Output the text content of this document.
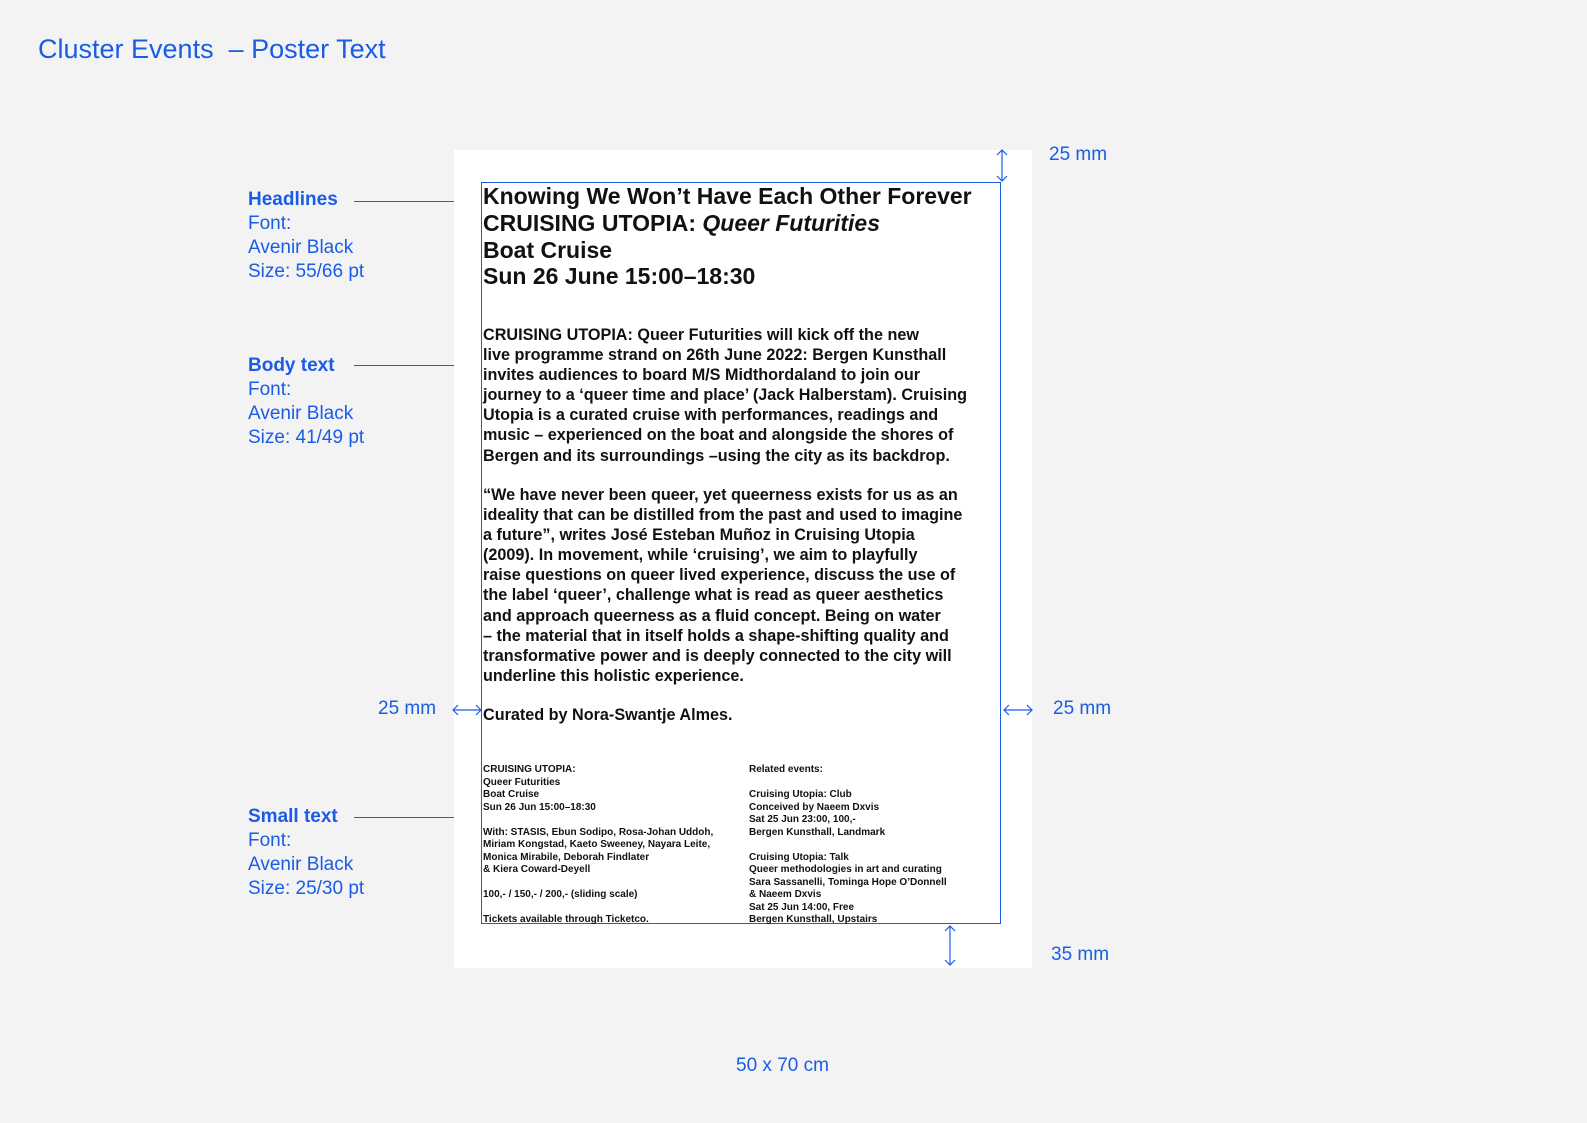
Cluster Events  – Poster Text
Headlines
Font:
Avenir Black
Size: 55/66 pt
Body text
Font:
Avenir Black
Size: 41/49 pt
Small text
Font:
Avenir Black
Size: 25/30 pt
Knowing We Won’t Have Each Other Forever
CRUISING UTOPIA: Queer Futurities
Boat Cruise
Sun 26 June 15:00–18:30
CRUISING UTOPIA: Queer Futurities will kick off the new
live programme strand on 26th June 2022: Bergen Kunsthall
invites audiences to board M/S Midthordaland to join our
journey to a ‘queer time and place’ (Jack Halberstam). Cruising
Utopia is a curated cruise with performances, readings and
music – experienced on the boat and alongside the shores of
Bergen and its surroundings –using the city as its backdrop.
“We have never been queer, yet queerness exists for us as an
ideality that can be distilled from the past and used to imagine
a future”, writes José Esteban Muñoz in Cruising Utopia
(2009). In movement, while ‘cruising’, we aim to playfully
raise questions on queer lived experience, discuss the use of
the label ‘queer’, challenge what is read as queer aesthetics
and approach queerness as a fluid concept. Being on water
– the material that in itself holds a shape-shifting quality and
transformative power and is deeply connected to the city will
underline this holistic experience.
Curated by Nora-Swantje Almes.
CRUISING UTOPIA:
Queer Futurities
Boat Cruise
Sun 26 Jun 15:00–18:30
With: STASIS, Ebun Sodipo, Rosa-Johan Uddoh,
Miriam Kongstad, Kaeto Sweeney, Nayara Leite,
Monica Mirabile, Deborah Findlater
& Kiera Coward-Deyell
100,- / 150,- / 200,- (sliding scale)
Tickets available through Ticketco.
Related events:
Cruising Utopia: Club
Conceived by Naeem Dxvis
Sat 25 Jun 23:00, 100,-
Bergen Kunsthall, Landmark
Cruising Utopia: Talk
Queer methodologies in art and curating
Sara Sassanelli, Tominga Hope O’Donnell
& Naeem Dxvis
Sat 25 Jun 14:00, Free
Bergen Kunsthall, Upstairs
25 mm
25 mm	25 mm
35 mm
50 x 70 cm
